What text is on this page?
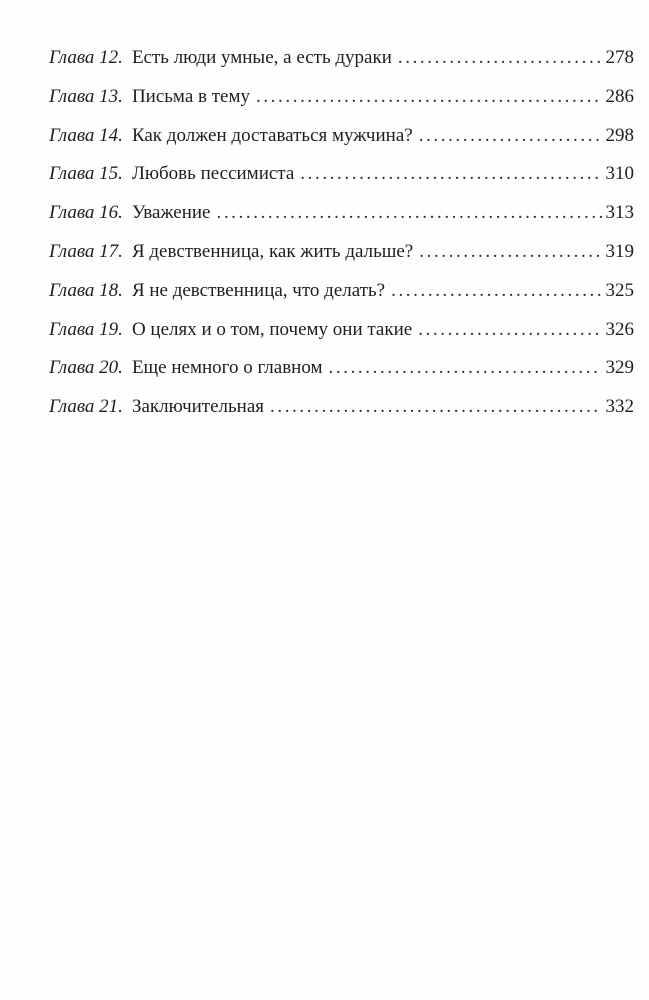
Глава 12. Есть люди умные, а есть дураки .....	278
Глава 13. Письма в тему .....	286
Глава 14. Как должен доставаться мужчина? .....	298
Глава 15. Любовь пессимиста .....	310
Глава 16. Уважение .....	313
Глава 17. Я девственница, как жить дальше? .....	319
Глава 18. Я не девственница, что делать? .....	325
Глава 19. О целях и о том, почему они такие .....	326
Глава 20. Еще немного о главном .....	329
Глава 21. Заключительная .....	332
